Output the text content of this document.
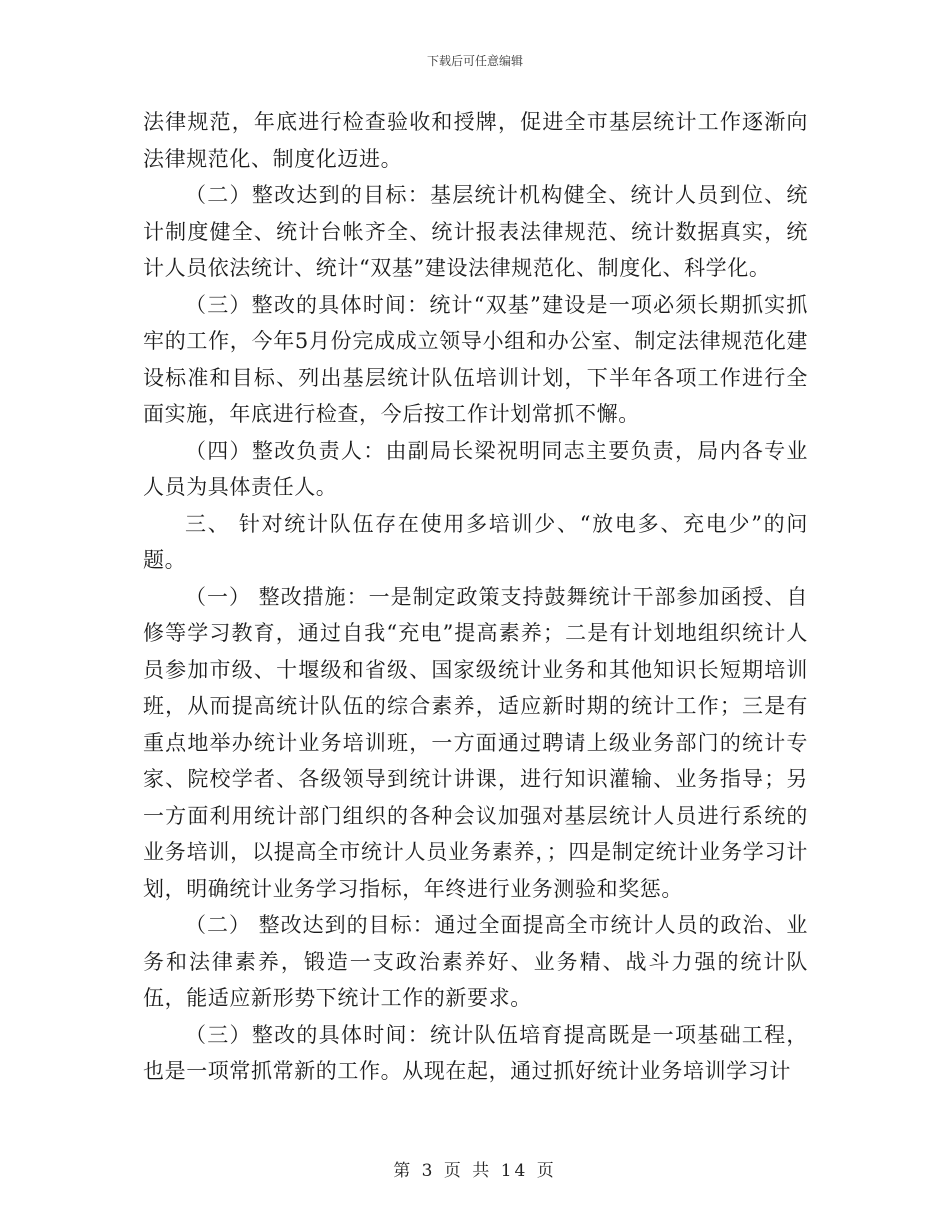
下载后可任意编辑

法律规范，年底进行检查验收和授牌，促进全市基层统计工作逐渐向法律规范化、制度化迈进。

（二）整改达到的目标：基层统计机构健全、统计人员到位、统计制度健全、统计台帐齐全、统计报表法律规范、统计数据真实，统计人员依法统计、统计“双基”建设法律规范化、制度化、科学化。

（三）整改的具体时间：统计“双基”建设是一项必须长期抓实抓牢的工作，今年5月份完成成立领导小组和办公室、制定法律规范化建设标准和目标、列出基层统计队伍培训计划，下半年各项工作进行全面实施，年底进行检查，今后按工作计划常抓不懈。

（四）整改负责人：由副局长梁祝明同志主要负责，局内各专业人员为具体责任人。

三、 针对统计队伍存在使用多培训少、“放电多、充电少”的问题。

（一） 整改措施：一是制定政策支持鼓舞统计干部参加函授、自修等学习教育，通过自我“充电”提高素养；二是有计划地组织统计人员参加市级、十堰级和省级、国家级统计业务和其他知识长短期培训班，从而提高统计队伍的综合素养，适应新时期的统计工作；三是有重点地举办统计业务培训班，一方面通过聘请上级业务部门的统计专家、院校学者、各级领导到统计讲课，进行知识灌输、业务指导；另一方面利用统计部门组织的各种会议加强对基层统计人员进行系统的业务培训，以提高全市统计人员业务素养，；四是制定统计业务学习计划，明确统计业务学习指标，年终进行业务测验和奖惩。

（二） 整改达到的目标：通过全面提高全市统计人员的政治、业务和法律素养，锻造一支政治素养好、业务精、战斗力强的统计队伍，能适应新形势下统计工作的新要求。

（三）整改的具体时间：统计队伍培育提高既是一项基础工程，也是一项常抓常新的工作。从现在起，通过抓好统计业务培训学习计

第 3 页 共 14 页
